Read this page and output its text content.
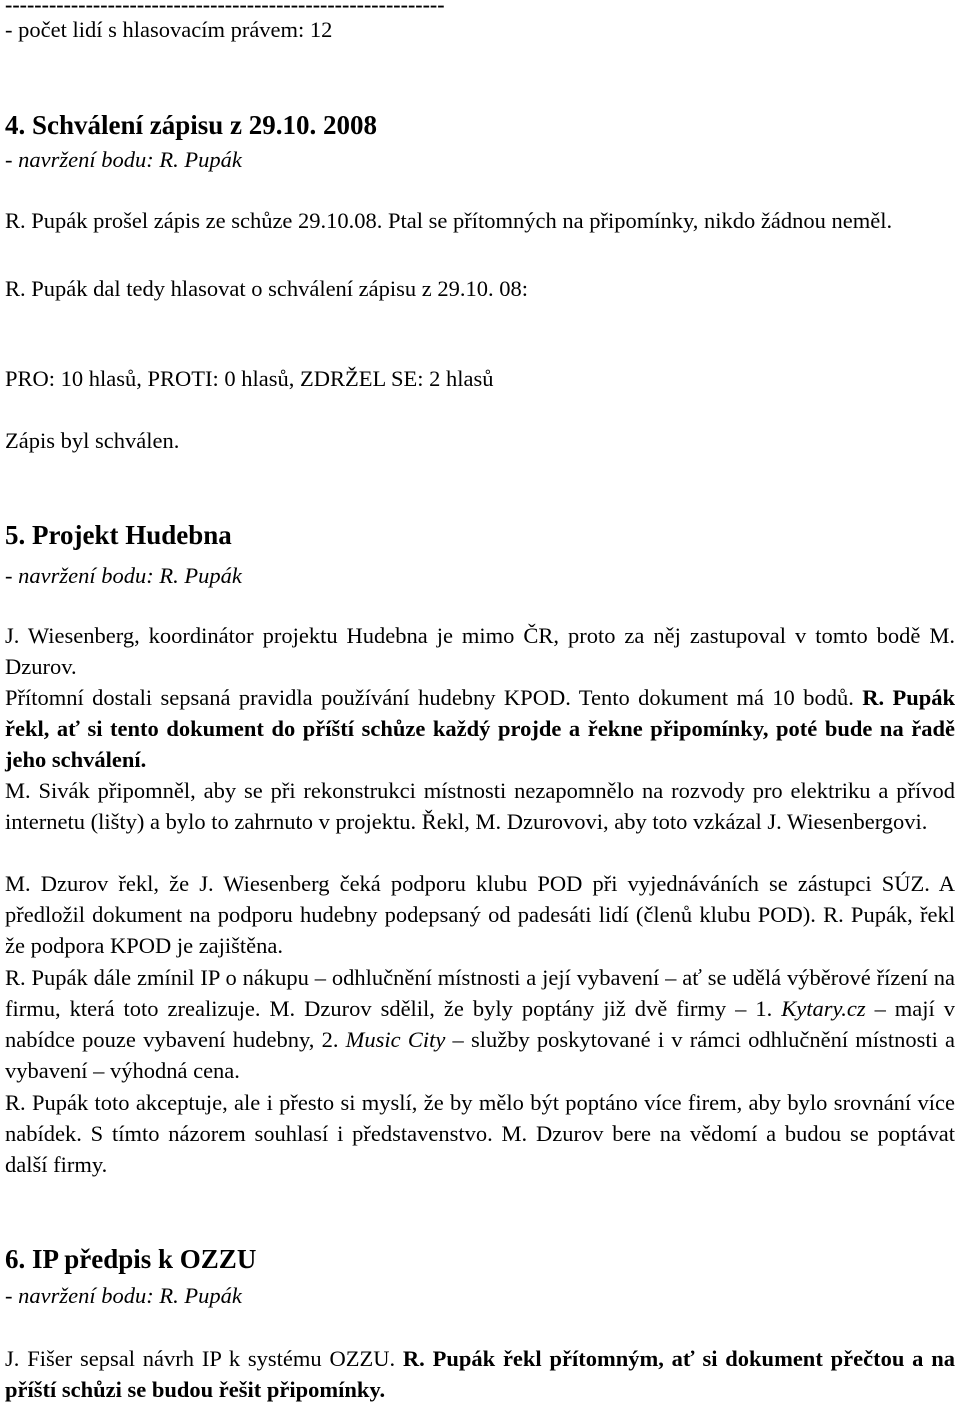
------------------------------------------------------------
- počet lidí s hlasovacím právem: 12
4. Schválení zápisu z 29.10. 2008
- navržení bodu: R. Pupák
R. Pupák prošel zápis ze schůze 29.10.08. Ptal se přítomných na připomínky, nikdo žádnou neměl.
R. Pupák dal tedy hlasovat o schválení zápisu z 29.10. 08:
PRO: 10 hlasů, PROTI: 0 hlasů, ZDRŽEL SE: 2 hlasů
Zápis byl schválen.
5. Projekt Hudebna
- navržení bodu: R. Pupák
J. Wiesenberg, koordinátor projektu Hudebna je mimo ČR, proto za něj zastupoval v tomto bodě M. Dzurov.
Přítomní dostali sepsaná pravidla používání hudebny KPOD. Tento dokument má 10 bodů. R. Pupák řekl, ať si tento dokument do příští schůze každý projde a řekne připomínky, poté bude na řadě jeho schválení.
M. Sivák připomněl, aby se při rekonstrukci místnosti nezapomnělo na rozvody pro elektriku a přívod internetu (lišty) a bylo to zahrnuto v projektu. Řekl, M. Dzurovovi, aby toto vzkázal J. Wiesenbergovi.
M. Dzurov řekl, že J. Wiesenberg čeká podporu klubu POD při vyjednáváních se zástupci SÚZ. A předložil dokument na podporu hudebny podepsaný od padesáti lidí (členů klubu POD). R. Pupák, řekl že podpora KPOD je zajištěna.
R. Pupák dále zmínil IP o nákupu – odhlučnění místnosti a její vybavení – ať se udělá výběrové řízení na firmu, která toto zrealizuje. M. Dzurov sdělil, že byly poptány již dvě firmy – 1. Kytary.cz – mají v nabídce pouze vybavení hudebny, 2. Music City – služby poskytované i v rámci odhlučnění místnosti a vybavení – výhodná cena.
R. Pupák toto akceptuje, ale i přesto si myslí, že by mělo být poptáno více firem, aby bylo srovnání více nabídek. S tímto názorem souhlasí i představenstvo. M. Dzurov bere na vědomí a budou se poptávat další firmy.
6. IP předpis k OZZU
- navržení bodu: R. Pupák
J. Fišer sepsal návrh IP k systému OZZU. R. Pupák řekl přítomným, ať si dokument přečtou a na příští schůzi se budou řešit připomínky.
